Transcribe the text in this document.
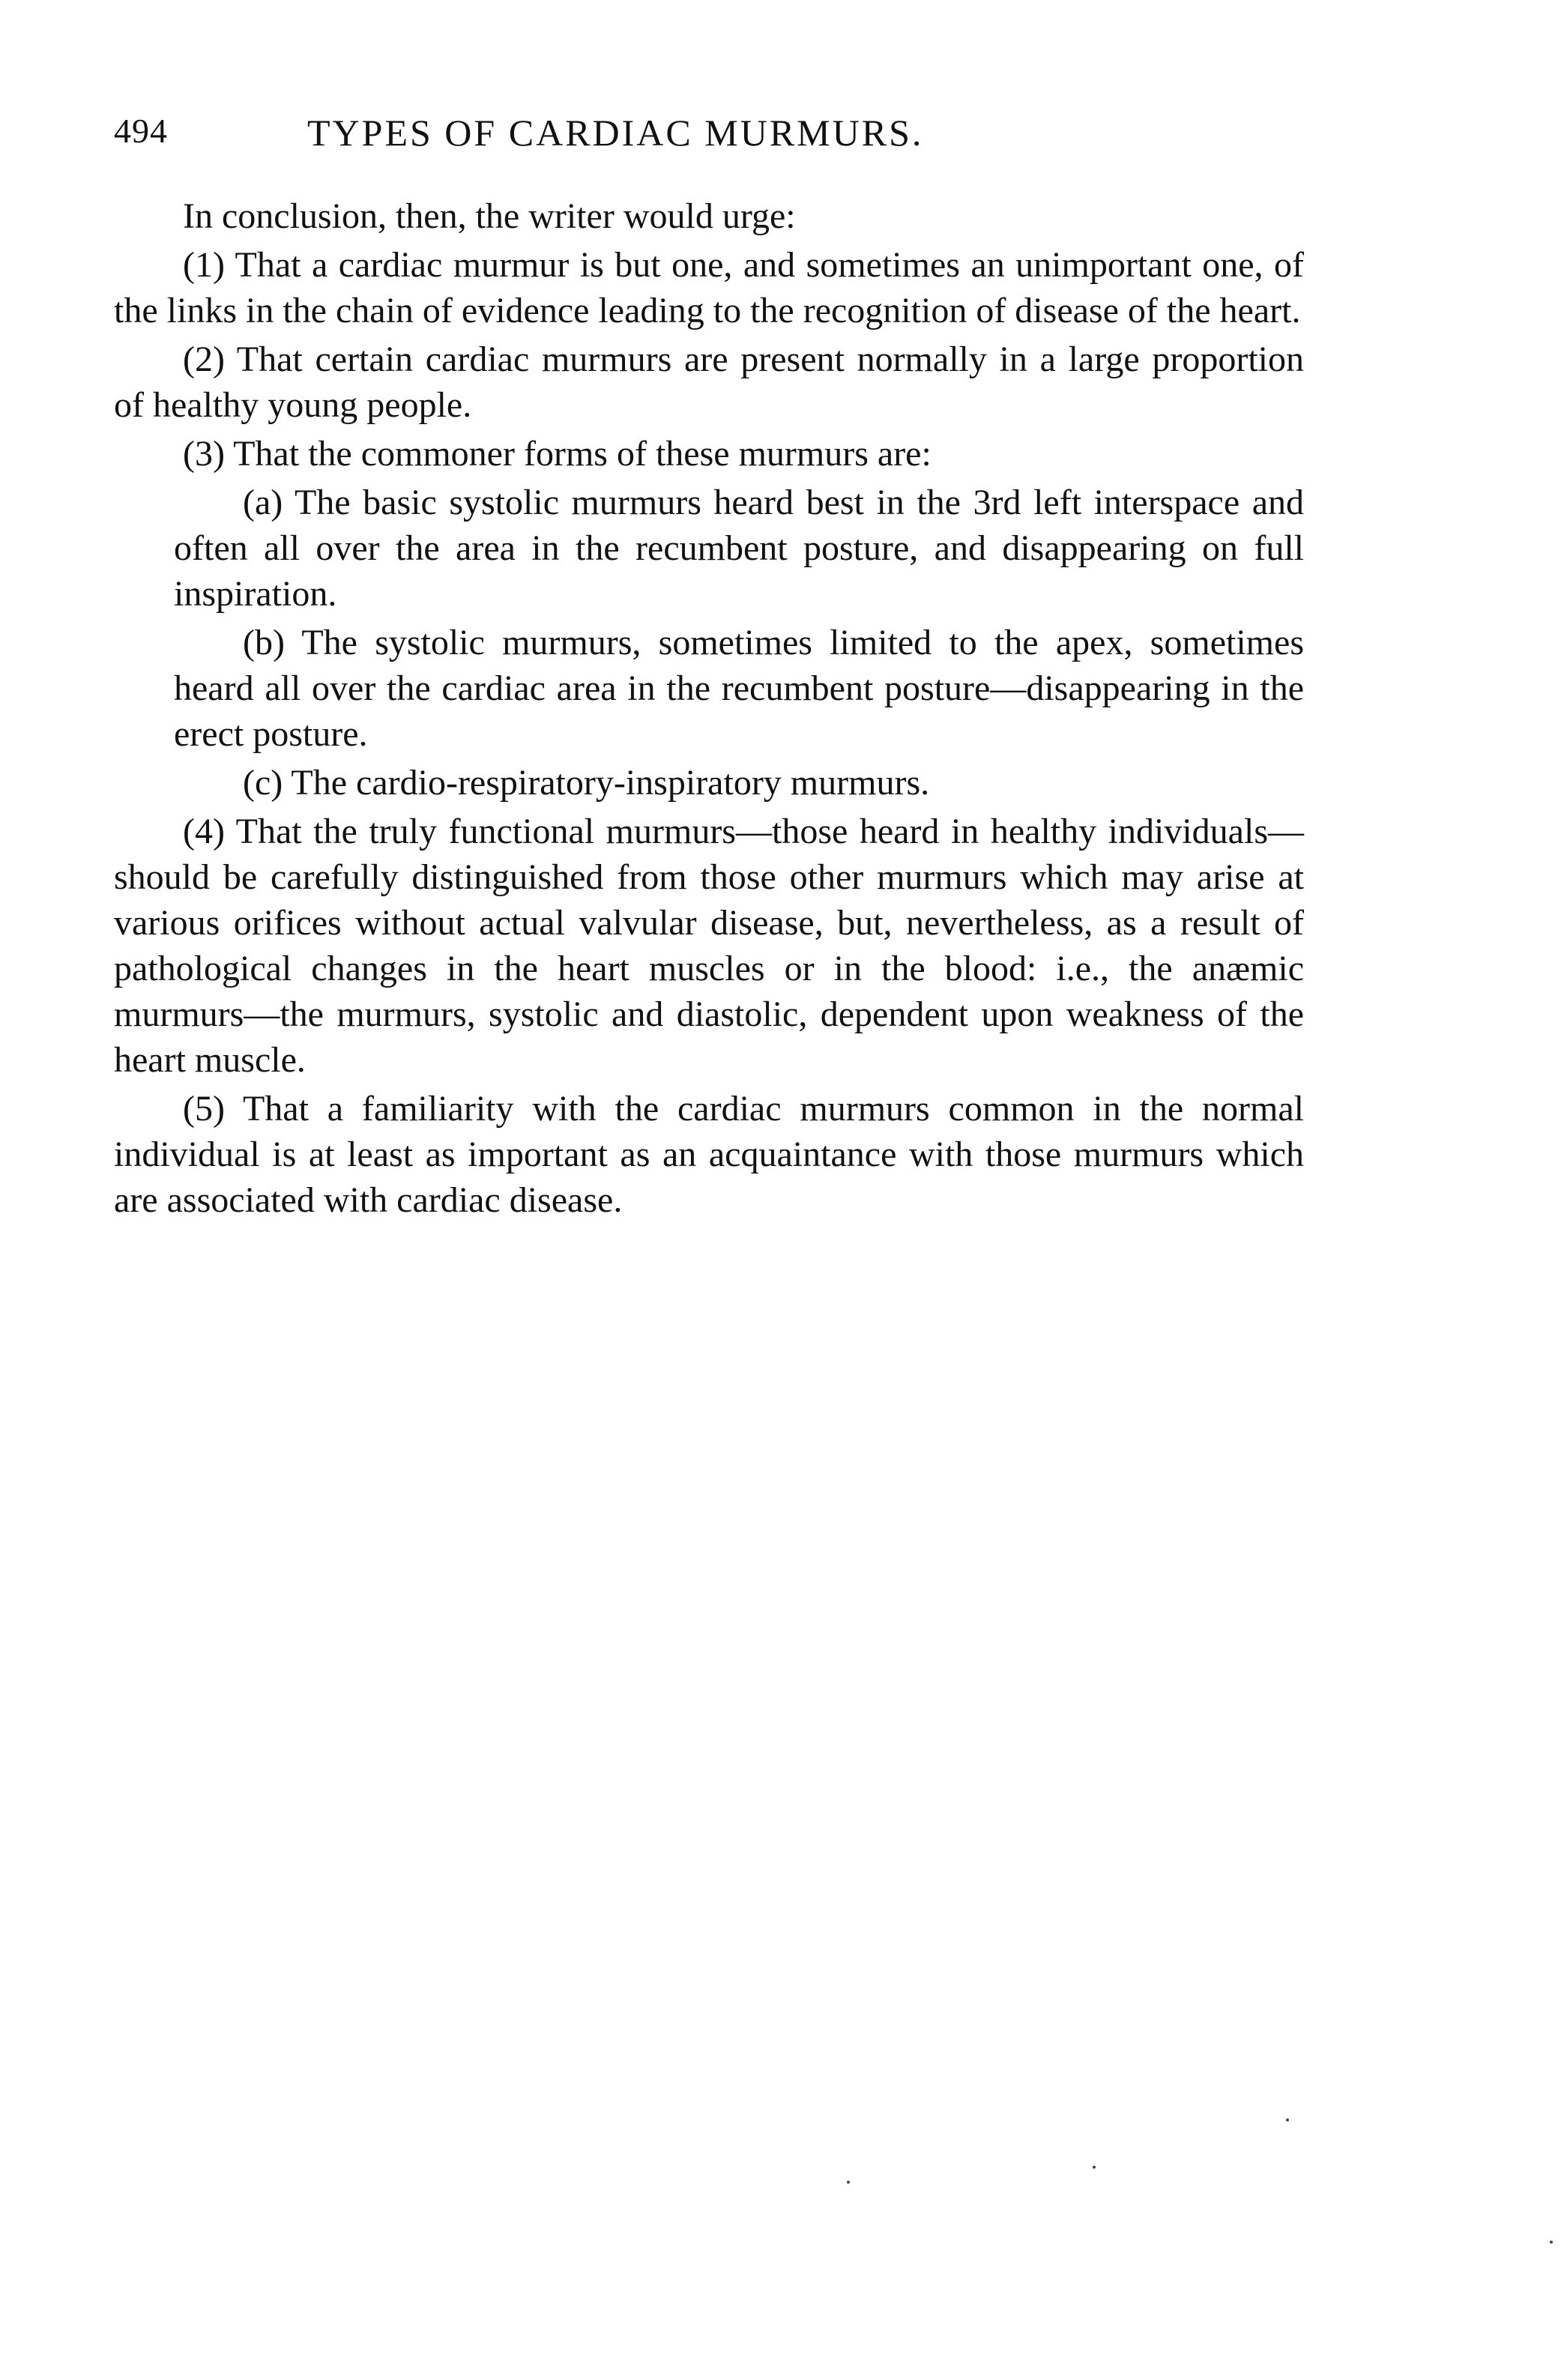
494	TYPES OF CARDIAC MURMURS.

In conclusion, then, the writer would urge:

(1) That a cardiac murmur is but one, and sometimes an unimportant one, of the links in the chain of evidence leading to the recognition of disease of the heart.

(2) That certain cardiac murmurs are present normally in a large proportion of healthy young people.

(3) That the commoner forms of these murmurs are:

(a) The basic systolic murmurs heard best in the 3rd left interspace and often all over the area in the recumbent posture, and disappearing on full inspiration.

(b) The systolic murmurs, sometimes limited to the apex, sometimes heard all over the cardiac area in the recumbent posture—disappearing in the erect posture.

(c) The cardio-respiratory-inspiratory murmurs.

(4) That the truly functional murmurs—those heard in healthy individuals—should be carefully distinguished from those other murmurs which may arise at various orifices without actual valvular disease, but, nevertheless, as a result of pathological changes in the heart muscles or in the blood: i.e., the anæmic murmurs—the murmurs, systolic and diastolic, dependent upon weakness of the heart muscle.

(5) That a familiarity with the cardiac murmurs common in the normal individual is at least as important as an acquaintance with those murmurs which are associated with cardiac disease.
